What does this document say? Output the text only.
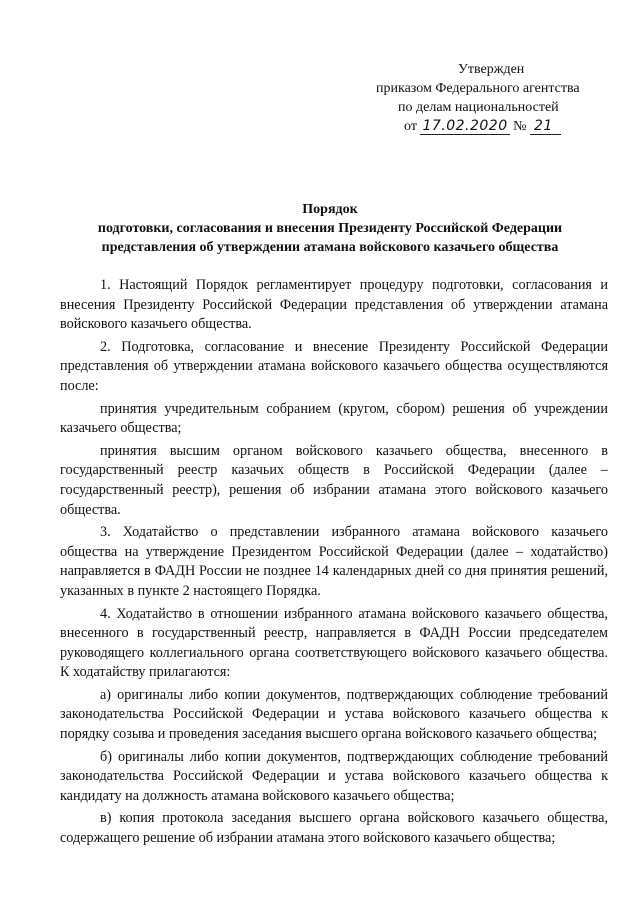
Утвержден
приказом Федерального агентства
по делам национальностей
от 17.02.2020 № 21
Порядок
подготовки, согласования и внесения Президенту Российской Федерации
представления об утверждении атамана войскового казачьего общества

1. Настоящий Порядок регламентирует процедуру подготовки, согласования и внесения Президенту Российской Федерации представления об утверждении атамана войскового казачьего общества.

2. Подготовка, согласование и внесение Президенту Российской Федерации представления об утверждении атамана войскового казачьего общества осуществляются после:

принятия учредительным собранием (кругом, сбором) решения об учреждении казачьего общества;

принятия высшим органом войскового казачьего общества, внесенного в государственный реестр казачьих обществ в Российской Федерации (далее – государственный реестр), решения об избрании атамана этого войскового казачьего общества.

3. Ходатайство о представлении избранного атамана войскового казачьего общества на утверждение Президентом Российской Федерации (далее – ходатайство) направляется в ФАДН России не позднее 14 календарных дней со дня принятия решений, указанных в пункте 2 настоящего Порядка.

4. Ходатайство в отношении избранного атамана войскового казачьего общества, внесенного в государственный реестр, направляется в ФАДН России председателем руководящего коллегиального органа соответствующего войскового казачьего общества. К ходатайству прилагаются:

а) оригиналы либо копии документов, подтверждающих соблюдение требований законодательства Российской Федерации и устава войскового казачьего общества к порядку созыва и проведения заседания высшего органа войскового казачьего общества;

б) оригиналы либо копии документов, подтверждающих соблюдение требований законодательства Российской Федерации и устава войскового казачьего общества к кандидату на должность атамана войскового казачьего общества;

в) копия протокола заседания высшего органа войскового казачьего общества, содержащего решение об избрании атамана этого войскового казачьего общества;
